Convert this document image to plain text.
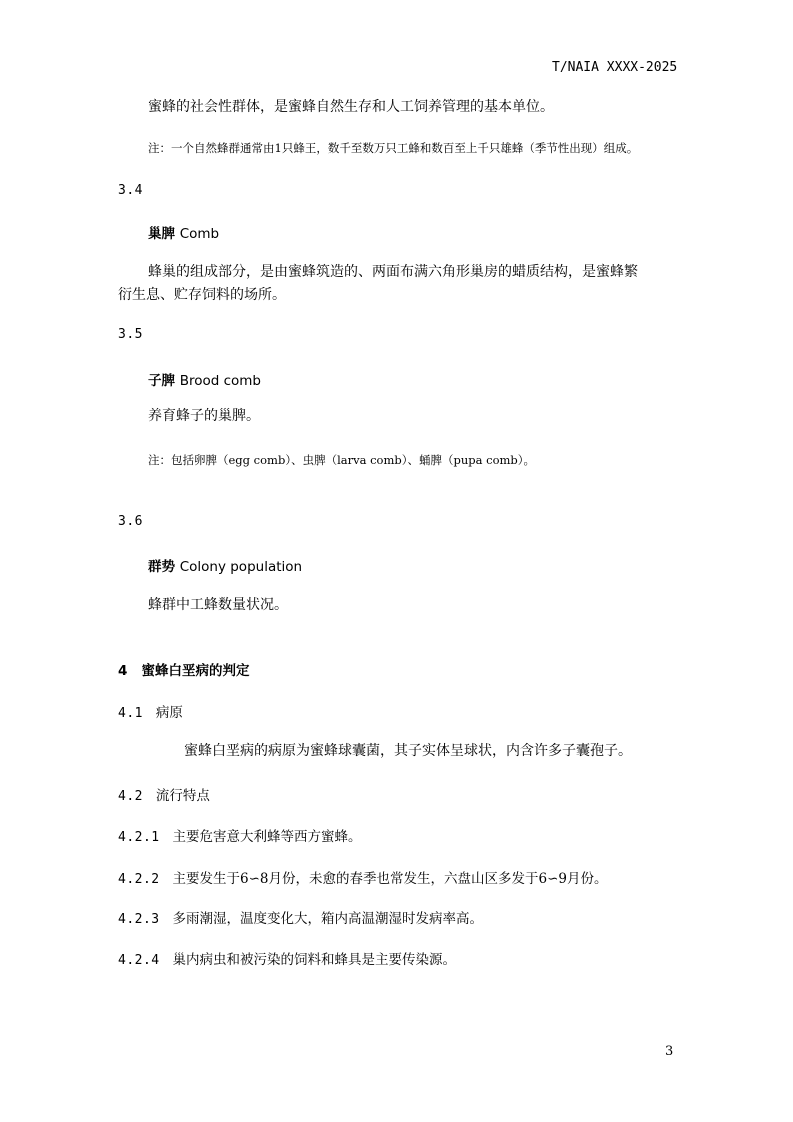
T/NAIA XXXX-2025
蜜蜂的社会性群体，是蜜蜂自然生存和人工饲养管理的基本单位。
注：一个自然蜂群通常由1只蜂王，数千至数万只工蜂和数百至上千只雄蜂（季节性出现）组成。
3.4
巢脾 Comb
蜂巢的组成部分，是由蜜蜂筑造的、两面布满六角形巢房的蜡质结构，是蜜蜂繁衍生息、贮存饲料的场所。
3.5
子脾 Brood comb
养育蜂子的巢脾。
注：包括卵脾（egg comb）、虫脾（larva comb）、蛹脾（pupa comb）。
3.6
群势 Colony population
蜂群中工蜂数量状况。
4 蜜蜂白垩病的判定
4.1 病原
蜜蜂白垩病的病原为蜜蜂球囊菌，其子实体呈球状，内含许多子囊孢子。
4.2 流行特点
4.2.1 主要危害意大利蜂等西方蜜蜂。
4.2.2 主要发生于6∽8月份，未愈的春季也常发生，六盘山区多发于6∽9月份。
4.2.3 多雨潮湿，温度变化大，箱内高温潮湿时发病率高。
4.2.4 巢内病虫和被污染的饲料和蜂具是主要传染源。
3
